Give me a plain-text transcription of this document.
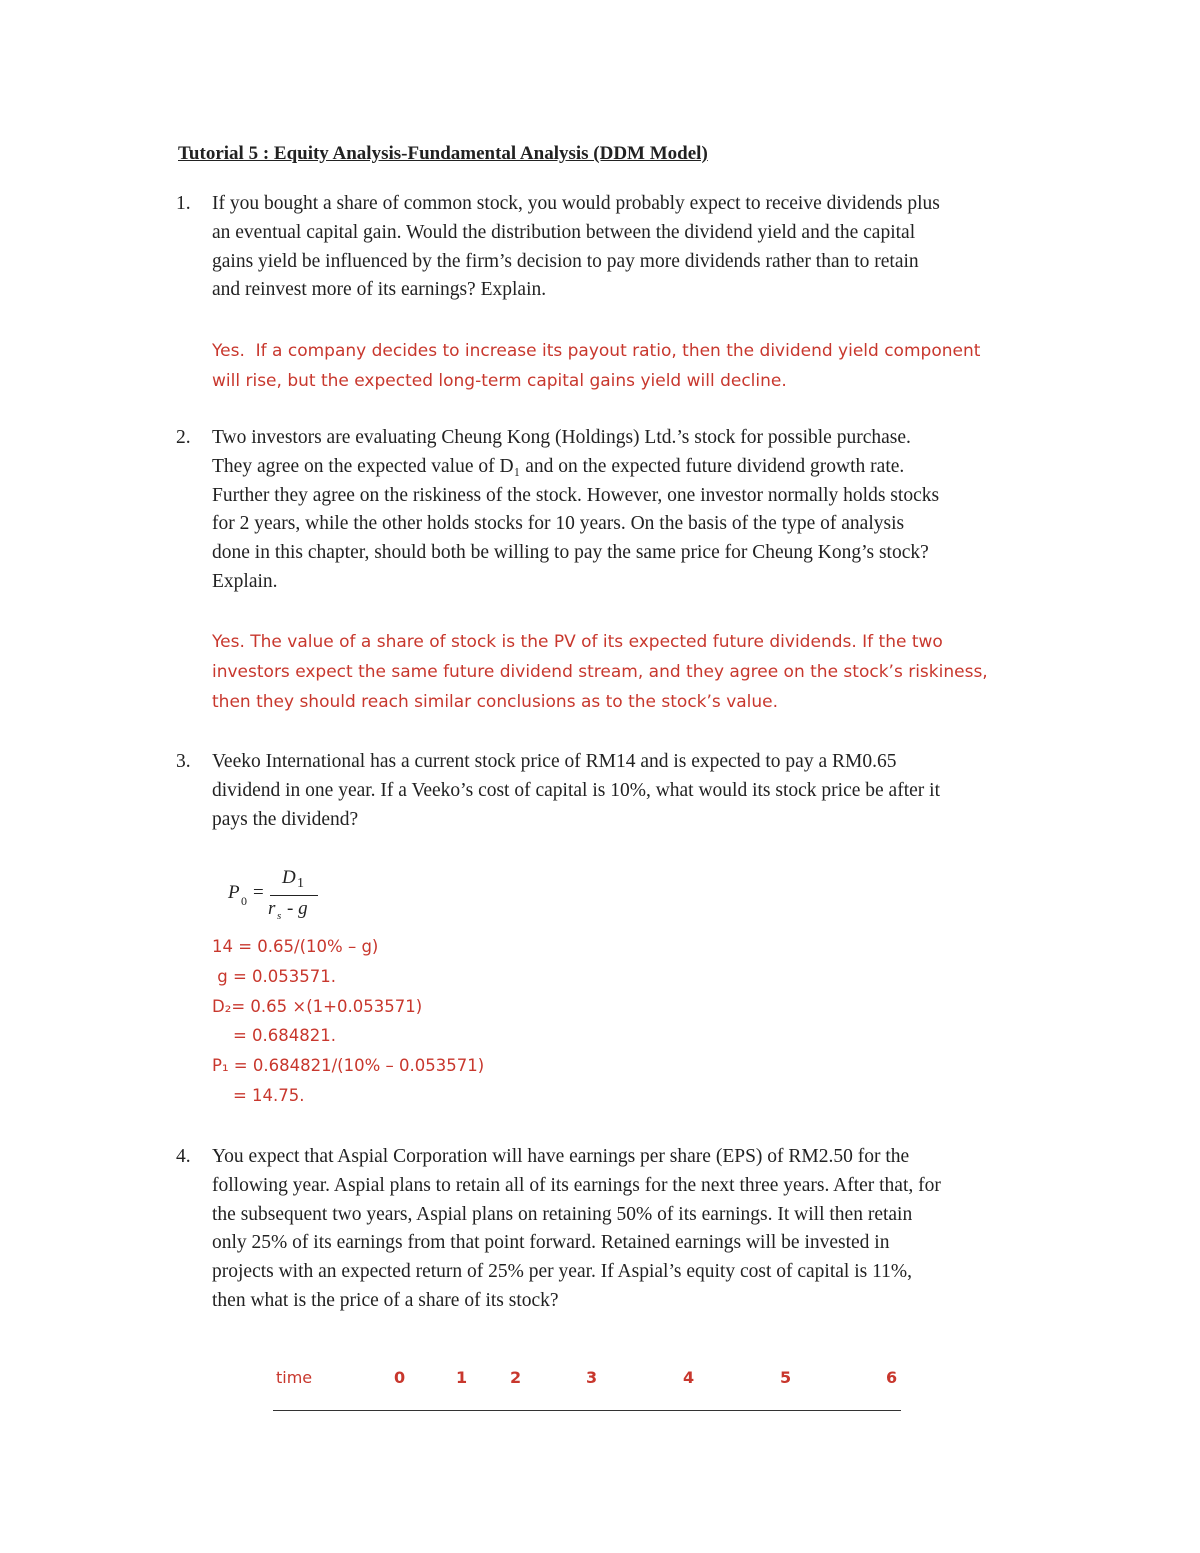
Tutorial 5 : Equity Analysis-Fundamental Analysis (DDM Model)
1. If you bought a share of common stock, you would probably expect to receive dividends plus
an eventual capital gain. Would the distribution between the dividend yield and the capital
gains yield be influenced by the firm’s decision to pay more dividends rather than to retain
and reinvest more of its earnings? Explain.
Yes.  If a company decides to increase its payout ratio, then the dividend yield component
will rise, but the expected long-term capital gains yield will decline.
2. Two investors are evaluating Cheung Kong (Holdings) Ltd.’s stock for possible purchase.
They agree on the expected value of D₁ and on the expected future dividend growth rate.
Further they agree on the riskiness of the stock. However, one investor normally holds stocks
for 2 years, while the other holds stocks for 10 years. On the basis of the type of analysis
done in this chapter, should both be willing to pay the same price for Cheung Kong’s stock?
Explain.
Yes. The value of a share of stock is the PV of its expected future dividends. If the two
investors expect the same future dividend stream, and they agree on the stock’s riskiness,
then they should reach similar conclusions as to the stock’s value.
3. Veeko International has a current stock price of RM14 and is expected to pay a RM0.65
dividend in one year. If a Veeko’s cost of capital is 10%, what would its stock price be after it
pays the dividend?
P 0 =
D 1
r s - g
14 = 0.65/(10% – g)
g = 0.053571.
D₂= 0.65 ×(1+0.053571)
= 0.684821.
P₁ = 0.684821/(10% – 0.053571)
= 14.75.
4. You expect that Aspial Corporation will have earnings per share (EPS) of RM2.50 for the
following year. Aspial plans to retain all of its earnings for the next three years. After that, for
the subsequent two years, Aspial plans on retaining 50% of its earnings. It will then retain
only 25% of its earnings from that point forward. Retained earnings will be invested in
projects with an expected return of 25% per year. If Aspial’s equity cost of capital is 11%,
then what is the price of a share of its stock?
time	0	1	2	3	4	5	6
